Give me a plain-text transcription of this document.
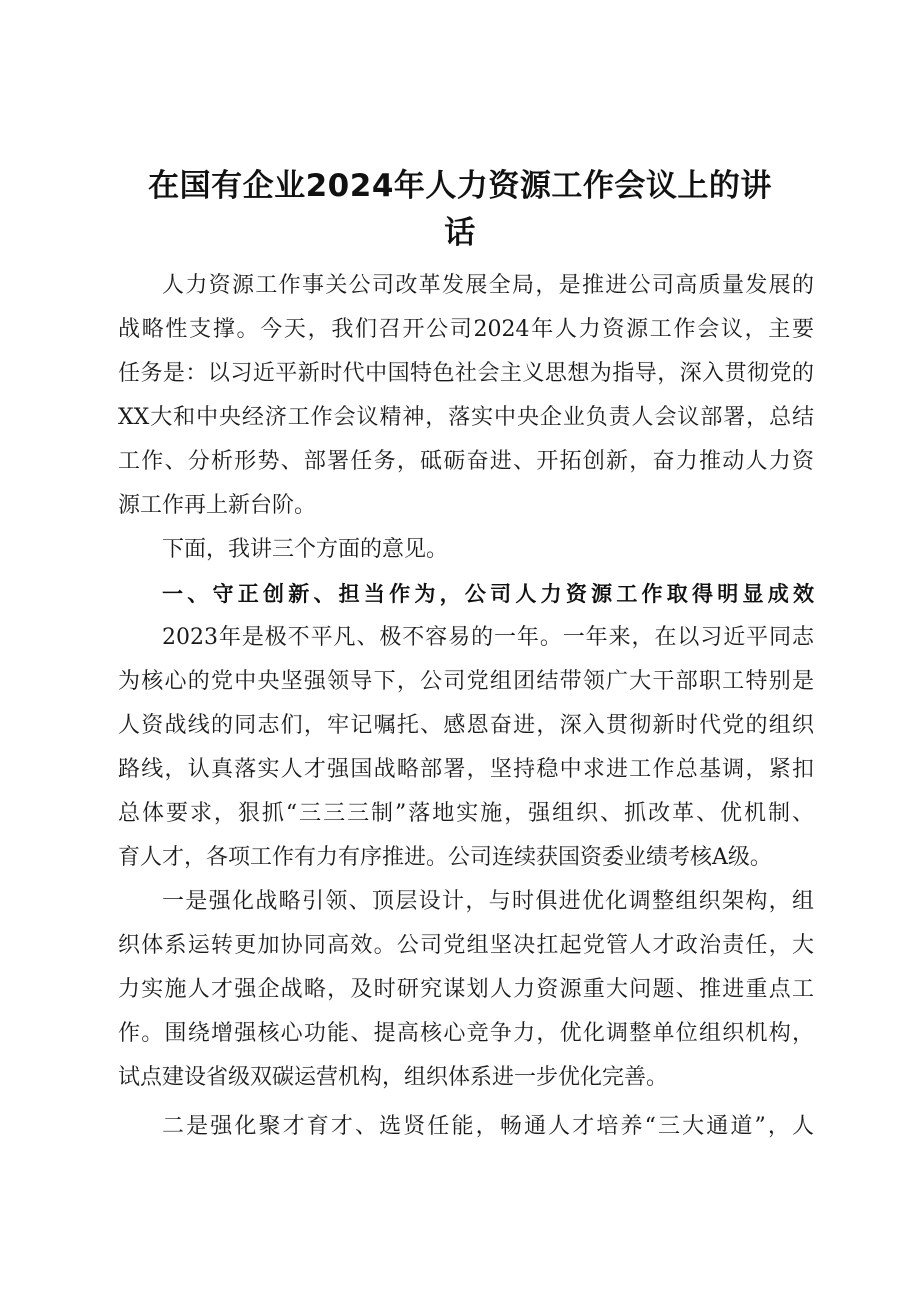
在国有企业2024年人力资源工作会议上的讲
话
人力资源工作事关公司改革发展全局，是推进公司高质量发展的
战略性支撑。今天，我们召开公司2024年人力资源工作会议，主要
任务是：以习近平新时代中国特色社会主义思想为指导，深入贯彻党的
XX大和中央经济工作会议精神，落实中央企业负责人会议部署，总结
工作、分析形势、部署任务，砥砺奋进、开拓创新，奋力推动人力资
源工作再上新台阶。
下面，我讲三个方面的意见。
一、守正创新、担当作为，公司人力资源工作取得明显成效
2023年是极不平凡、极不容易的一年。一年来，在以习近平同志
为核心的党中央坚强领导下，公司党组团结带领广大干部职工特别是
人资战线的同志们，牢记嘱托、感恩奋进，深入贯彻新时代党的组织
路线，认真落实人才强国战略部署，坚持稳中求进工作总基调，紧扣
总体要求，狠抓“三三三制”落地实施，强组织、抓改革、优机制、
育人才，各项工作有力有序推进。公司连续获国资委业绩考核A级。
一是强化战略引领、顶层设计，与时俱进优化调整组织架构，组
织体系运转更加协同高效。公司党组坚决扛起党管人才政治责任，大
力实施人才强企战略，及时研究谋划人力资源重大问题、推进重点工
作。围绕增强核心功能、提高核心竞争力，优化调整单位组织机构，
试点建设省级双碳运营机构，组织体系进一步优化完善。
二是强化聚才育才、选贤任能，畅通人才培养“三大通道”，人
